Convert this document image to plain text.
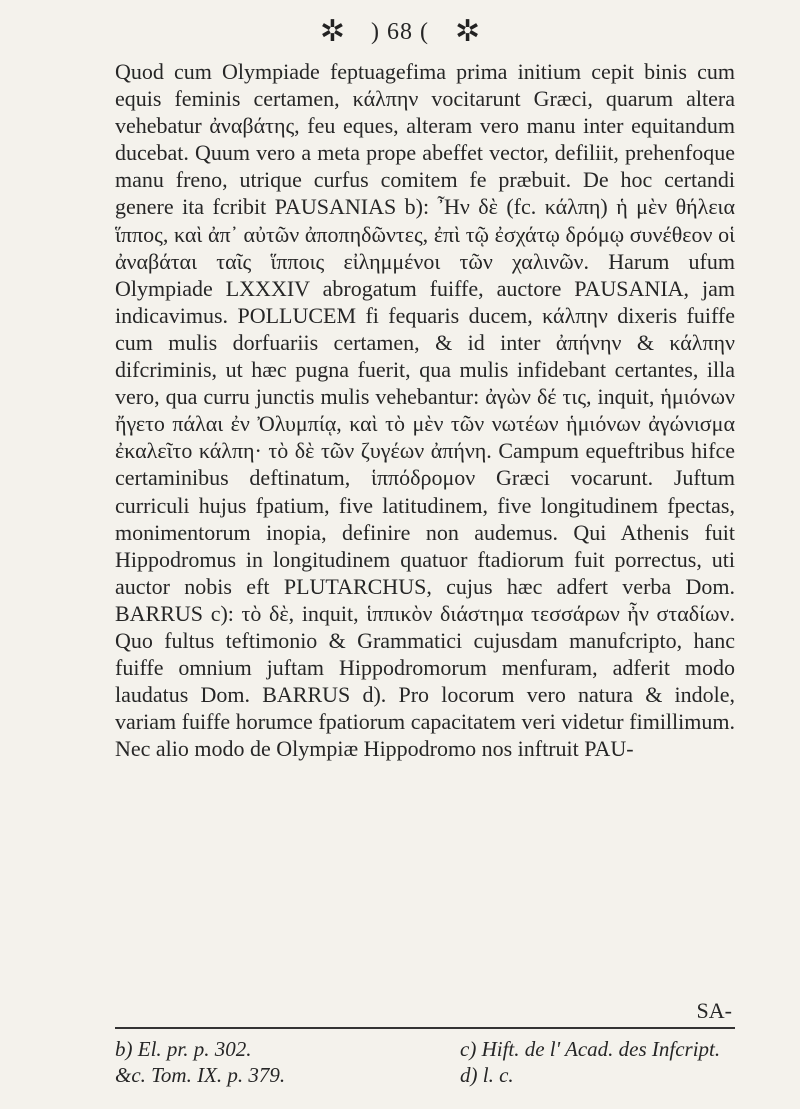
✲ ) 68 ( ✲

Quod cum Olympiade feptuagefima prima initium cepit binis cum equis feminis certamen, κάλπην vocitarunt Græci, quarum altera vehebatur ἀναβάτης, feu eques, alteram vero manu inter equitandum ducebat. Quum vero a meta prope abeffet vector, defiliit, prehenfoque manu freno, utrique curfus comitem fe præbuit. De hoc certandi genere ita fcribit PAUSANIAS b): Ἦν δὲ (fc. κάλπη) ἡ μὲν θήλεια ἵππος, καὶ ἀπ᾽ αὐτῶν ἀποπηδῶντες, ἐπὶ τῷ ἐσχάτῳ δρόμῳ συνέθεον οἱ ἀναβάται ταῖς ἵπποις εἰλημμένοι τῶν χαλινῶν. Harum ufum Olympiade LXXXIV abrogatum fuiffe, auctore PAUSANIA, jam indicavimus. POLLUCEM fi fequaris ducem, κάλπην dixeris fuiffe cum mulis dorfuariis certamen, & id inter ἀπήνην & κάλπην difcriminis, ut hæc pugna fuerit, qua mulis infidebant certantes, illa vero, qua curru junctis mulis vehebantur: ἀγὼν δέ τις, inquit, ἡμιόνων ἤγετο πάλαι ἐν Ὀλυμπίᾳ, καὶ τὸ μὲν τῶν νωτέων ἡμιόνων ἀγώνισμα ἐκαλεῖτο κάλπη· τὸ δὲ τῶν ζυγέων ἀπήνη. Campum equeftribus hifce certaminibus deftinatum, ἱππόδρομον Græci vocarunt. Juftum curriculi hujus fpatium, five latitudinem, five longitudinem fpectas, monimentorum inopia, definire non audemus. Qui Athenis fuit Hippodromus in longitudinem quatuor ftadiorum fuit porrectus, uti auctor nobis eft PLUTARCHUS, cujus hæc adfert verba Dom. BARRUS c): τὸ δὲ, inquit, ἱππικὸν διάστημα τεσσάρων ἦν σταδίων. Quo fultus teftimonio & Grammatici cujusdam manufcripto, hanc fuiffe omnium juftam Hippodromorum menfuram, adferit modo laudatus Dom. BARRUS d). Pro locorum vero natura & indole, variam fuiffe horumce fpatiorum capacitatem veri videtur fimillimum. Nec alio modo de Olympiæ Hippodromo nos inftruit PAU-

SA-
b) El. pr. p. 302.	c) Hift. de l' Acad. des Infcript.
&c. Tom. IX. p. 379.	d) l. c.
